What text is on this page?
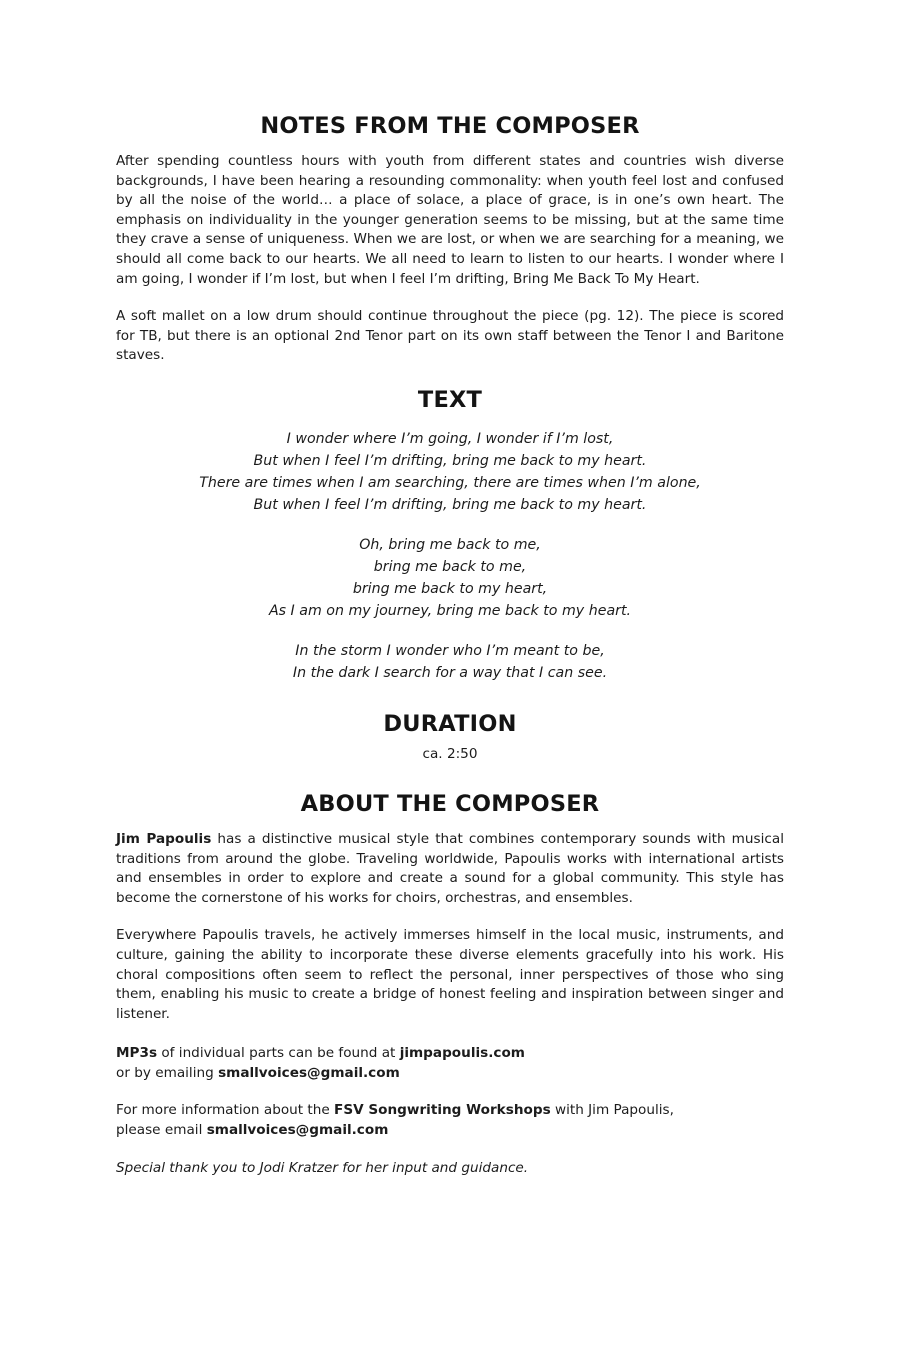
NOTES FROM THE COMPOSER

After spending countless hours with youth from different states and countries wish diverse backgrounds, I have been hearing a resounding commonality: when youth feel lost and confused by all the noise of the world… a place of solace, a place of grace, is in one’s own heart. The emphasis on individuality in the younger generation seems to be missing, but at the same time they crave a sense of uniqueness. When we are lost, or when we are searching for a meaning, we should all come back to our hearts. We all need to learn to listen to our hearts. I wonder where I am going, I wonder if I’m lost, but when I feel I’m drifting, Bring Me Back To My Heart.

A soft mallet on a low drum should continue throughout the piece (pg. 12). The piece is scored for TB, but there is an optional 2nd Tenor part on its own staff between the Tenor I and Baritone staves.

TEXT
I wonder where I’m going, I wonder if I’m lost,
But when I feel I’m drifting, bring me back to my heart.
There are times when I am searching, there are times when I’m alone,
But when I feel I’m drifting, bring me back to my heart.
Oh, bring me back to me,
bring me back to me,
bring me back to my heart,
As I am on my journey, bring me back to my heart.
In the storm I wonder who I’m meant to be,
In the dark I search for a way that I can see.
DURATION
ca. 2:50
ABOUT THE COMPOSER

Jim Papoulis has a distinctive musical style that combines contemporary sounds with musical traditions from around the globe. Traveling worldwide, Papoulis works with international artists and ensembles in order to explore and create a sound for a global community. This style has become the cornerstone of his works for choirs, orchestras, and ensembles.

Everywhere Papoulis travels, he actively immerses himself in the local music, instruments, and culture, gaining the ability to incorporate these diverse elements gracefully into his work. His choral compositions often seem to reflect the personal, inner perspectives of those who sing them, enabling his music to create a bridge of honest feeling and inspiration between singer and listener.

MP3s of individual parts can be found at jimpapoulis.com

or by emailing smallvoices@gmail.com

For more information about the FSV Songwriting Workshops with Jim Papoulis,

please email smallvoices@gmail.com

Special thank you to Jodi Kratzer for her input and guidance.
